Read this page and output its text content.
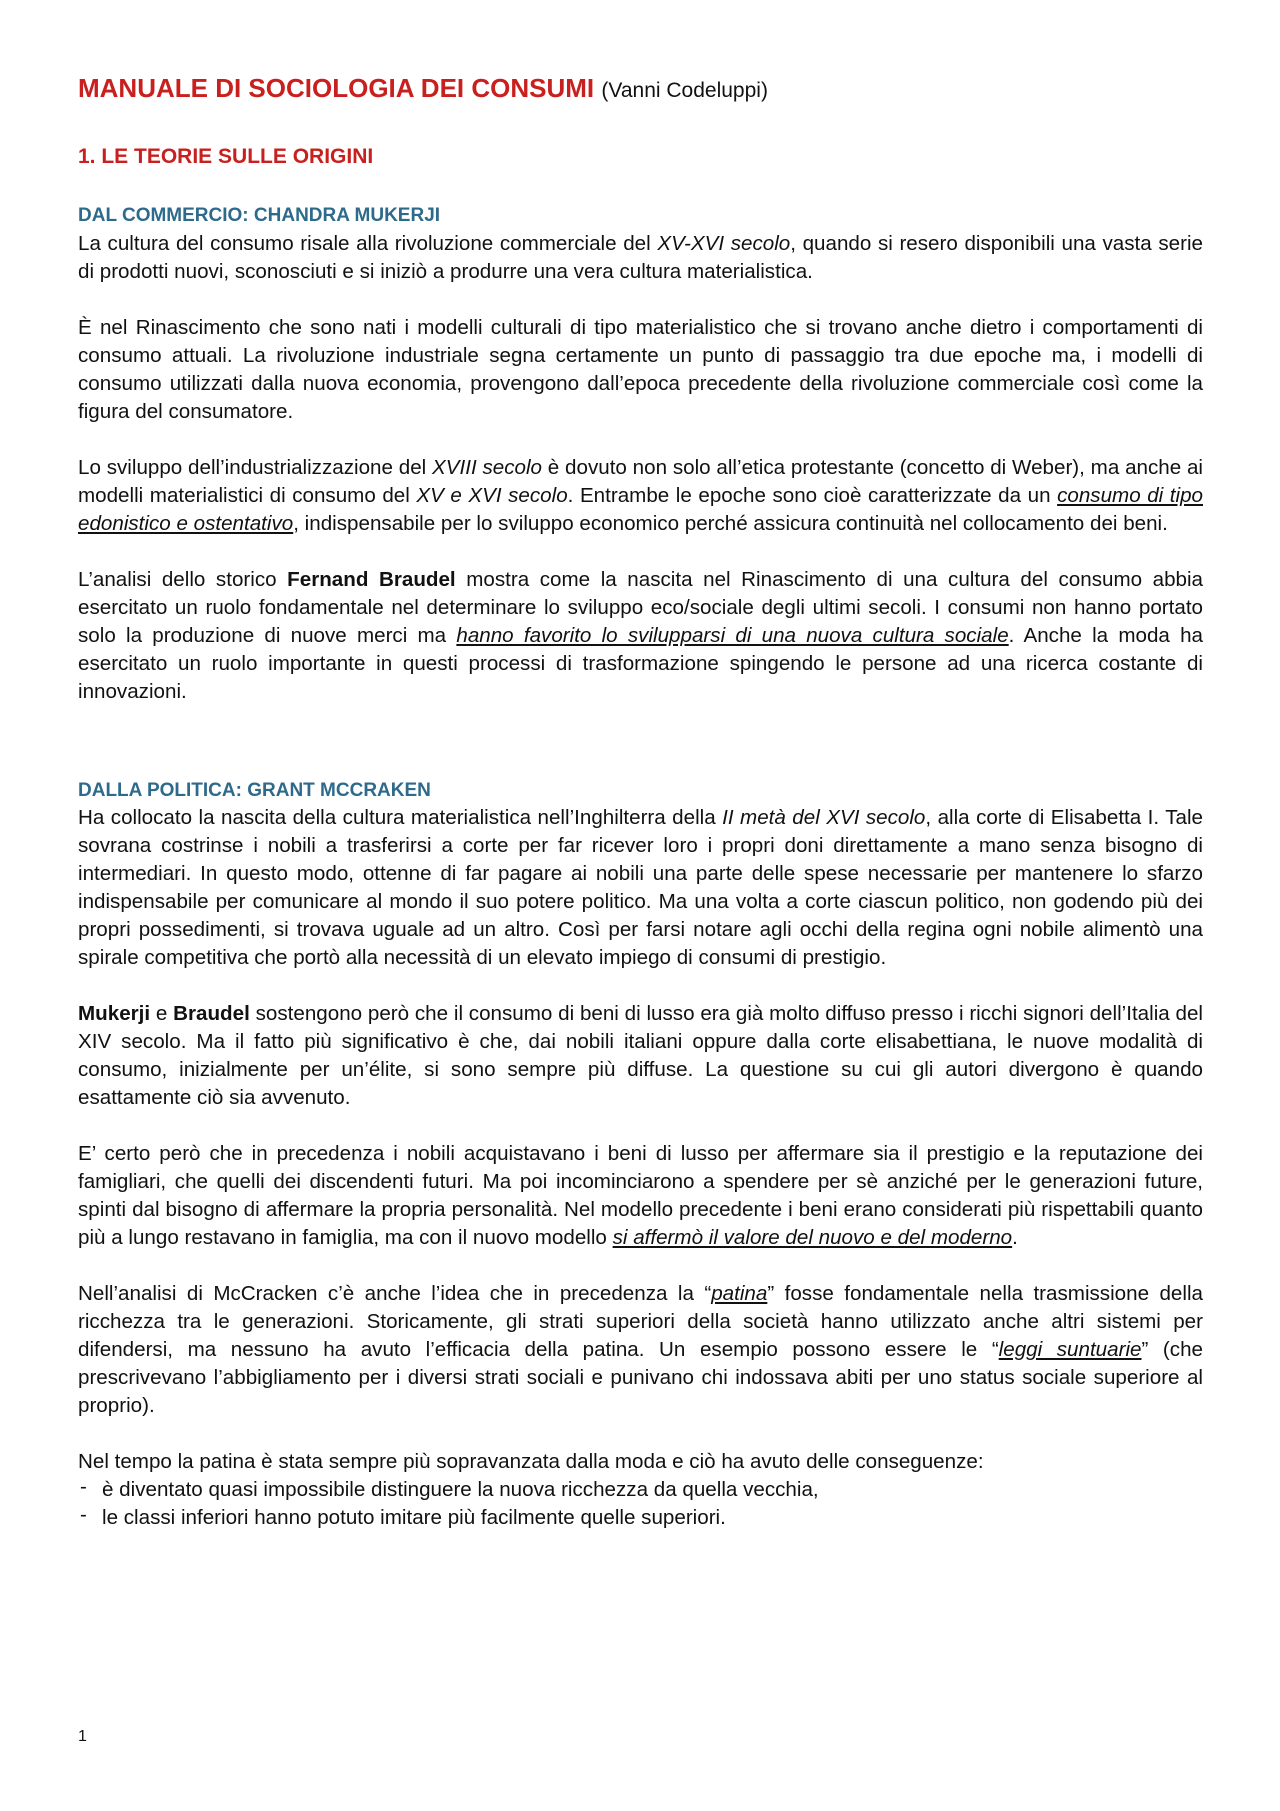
MANUALE DI SOCIOLOGIA DEI CONSUMI (Vanni Codeluppi)
1. LE TEORIE SULLE ORIGINI
DAL COMMERCIO: CHANDRA MUKERJI

La cultura del consumo risale alla rivoluzione commerciale del XV-XVI secolo, quando si resero disponibili una vasta serie di prodotti nuovi, sconosciuti e si iniziò a produrre una vera cultura materialistica.

È nel Rinascimento che sono nati i modelli culturali di tipo materialistico che si trovano anche dietro i comportamenti di consumo attuali. La rivoluzione industriale segna certamente un punto di passaggio tra due epoche ma, i modelli di consumo utilizzati dalla nuova economia, provengono dall’epoca precedente della rivoluzione commerciale così come la figura del consumatore.

Lo sviluppo dell’industrializzazione del XVIII secolo è dovuto non solo all’etica protestante (concetto di Weber), ma anche ai modelli materialistici di consumo del XV e XVI secolo. Entrambe le epoche sono cioè caratterizzate da un consumo di tipo edonistico e ostentativo, indispensabile per lo sviluppo economico perché assicura continuità nel collocamento dei beni.

L’analisi dello storico Fernand Braudel mostra come la nascita nel Rinascimento di una cultura del consumo abbia esercitato un ruolo fondamentale nel determinare lo sviluppo eco/sociale degli ultimi secoli. I consumi non hanno portato solo la produzione di nuove merci ma hanno favorito lo svilupparsi di una nuova cultura sociale. Anche la moda ha esercitato un ruolo importante in questi processi di trasformazione spingendo le persone ad una ricerca costante di innovazioni.

DALLA POLITICA: GRANT MCCRAKEN

Ha collocato la nascita della cultura materialistica nell’Inghilterra della II metà del XVI secolo, alla corte di Elisabetta I. Tale sovrana costrinse i nobili a trasferirsi a corte per far ricever loro i propri doni direttamente a mano senza bisogno di intermediari. In questo modo, ottenne di far pagare ai nobili una parte delle spese necessarie per mantenere lo sfarzo indispensabile per comunicare al mondo il suo potere politico. Ma una volta a corte ciascun politico, non godendo più dei propri possedimenti, si trovava uguale ad un altro. Così per farsi notare agli occhi della regina ogni nobile alimentò una spirale competitiva che portò alla necessità di un elevato impiego di consumi di prestigio.

Mukerji e Braudel sostengono però che il consumo di beni di lusso era già molto diffuso presso i ricchi signori dell’Italia del XIV secolo. Ma il fatto più significativo è che, dai nobili italiani oppure dalla corte elisabettiana, le nuove modalità di consumo, inizialmente per un’élite, si sono sempre più diffuse. La questione su cui gli autori divergono è quando esattamente ciò sia avvenuto.

E’ certo però che in precedenza i nobili acquistavano i beni di lusso per affermare sia il prestigio e la reputazione dei famigliari, che quelli dei discendenti futuri. Ma poi incominciarono a spendere per sè anziché per le generazioni future, spinti dal bisogno di affermare la propria personalità. Nel modello precedente i beni erano considerati più rispettabili quanto più a lungo restavano in famiglia, ma con il nuovo modello si affermò il valore del nuovo e del moderno.

Nell’analisi di McCracken c’è anche l’idea che in precedenza la “patina” fosse fondamentale nella trasmissione della ricchezza tra le generazioni. Storicamente, gli strati superiori della società hanno utilizzato anche altri sistemi per difendersi, ma nessuno ha avuto l’efficacia della patina. Un esempio possono essere le “leggi suntuarie” (che prescrivevano l’abbigliamento per i diversi strati sociali e punivano chi indossava abiti per uno status sociale superiore al proprio).

Nel tempo la patina è stata sempre più sopravanzata dalla moda e ciò ha avuto delle conseguenze:

- è diventato quasi impossibile distinguere la nuova ricchezza da quella vecchia,
- le classi inferiori hanno potuto imitare più facilmente quelle superiori.
1
